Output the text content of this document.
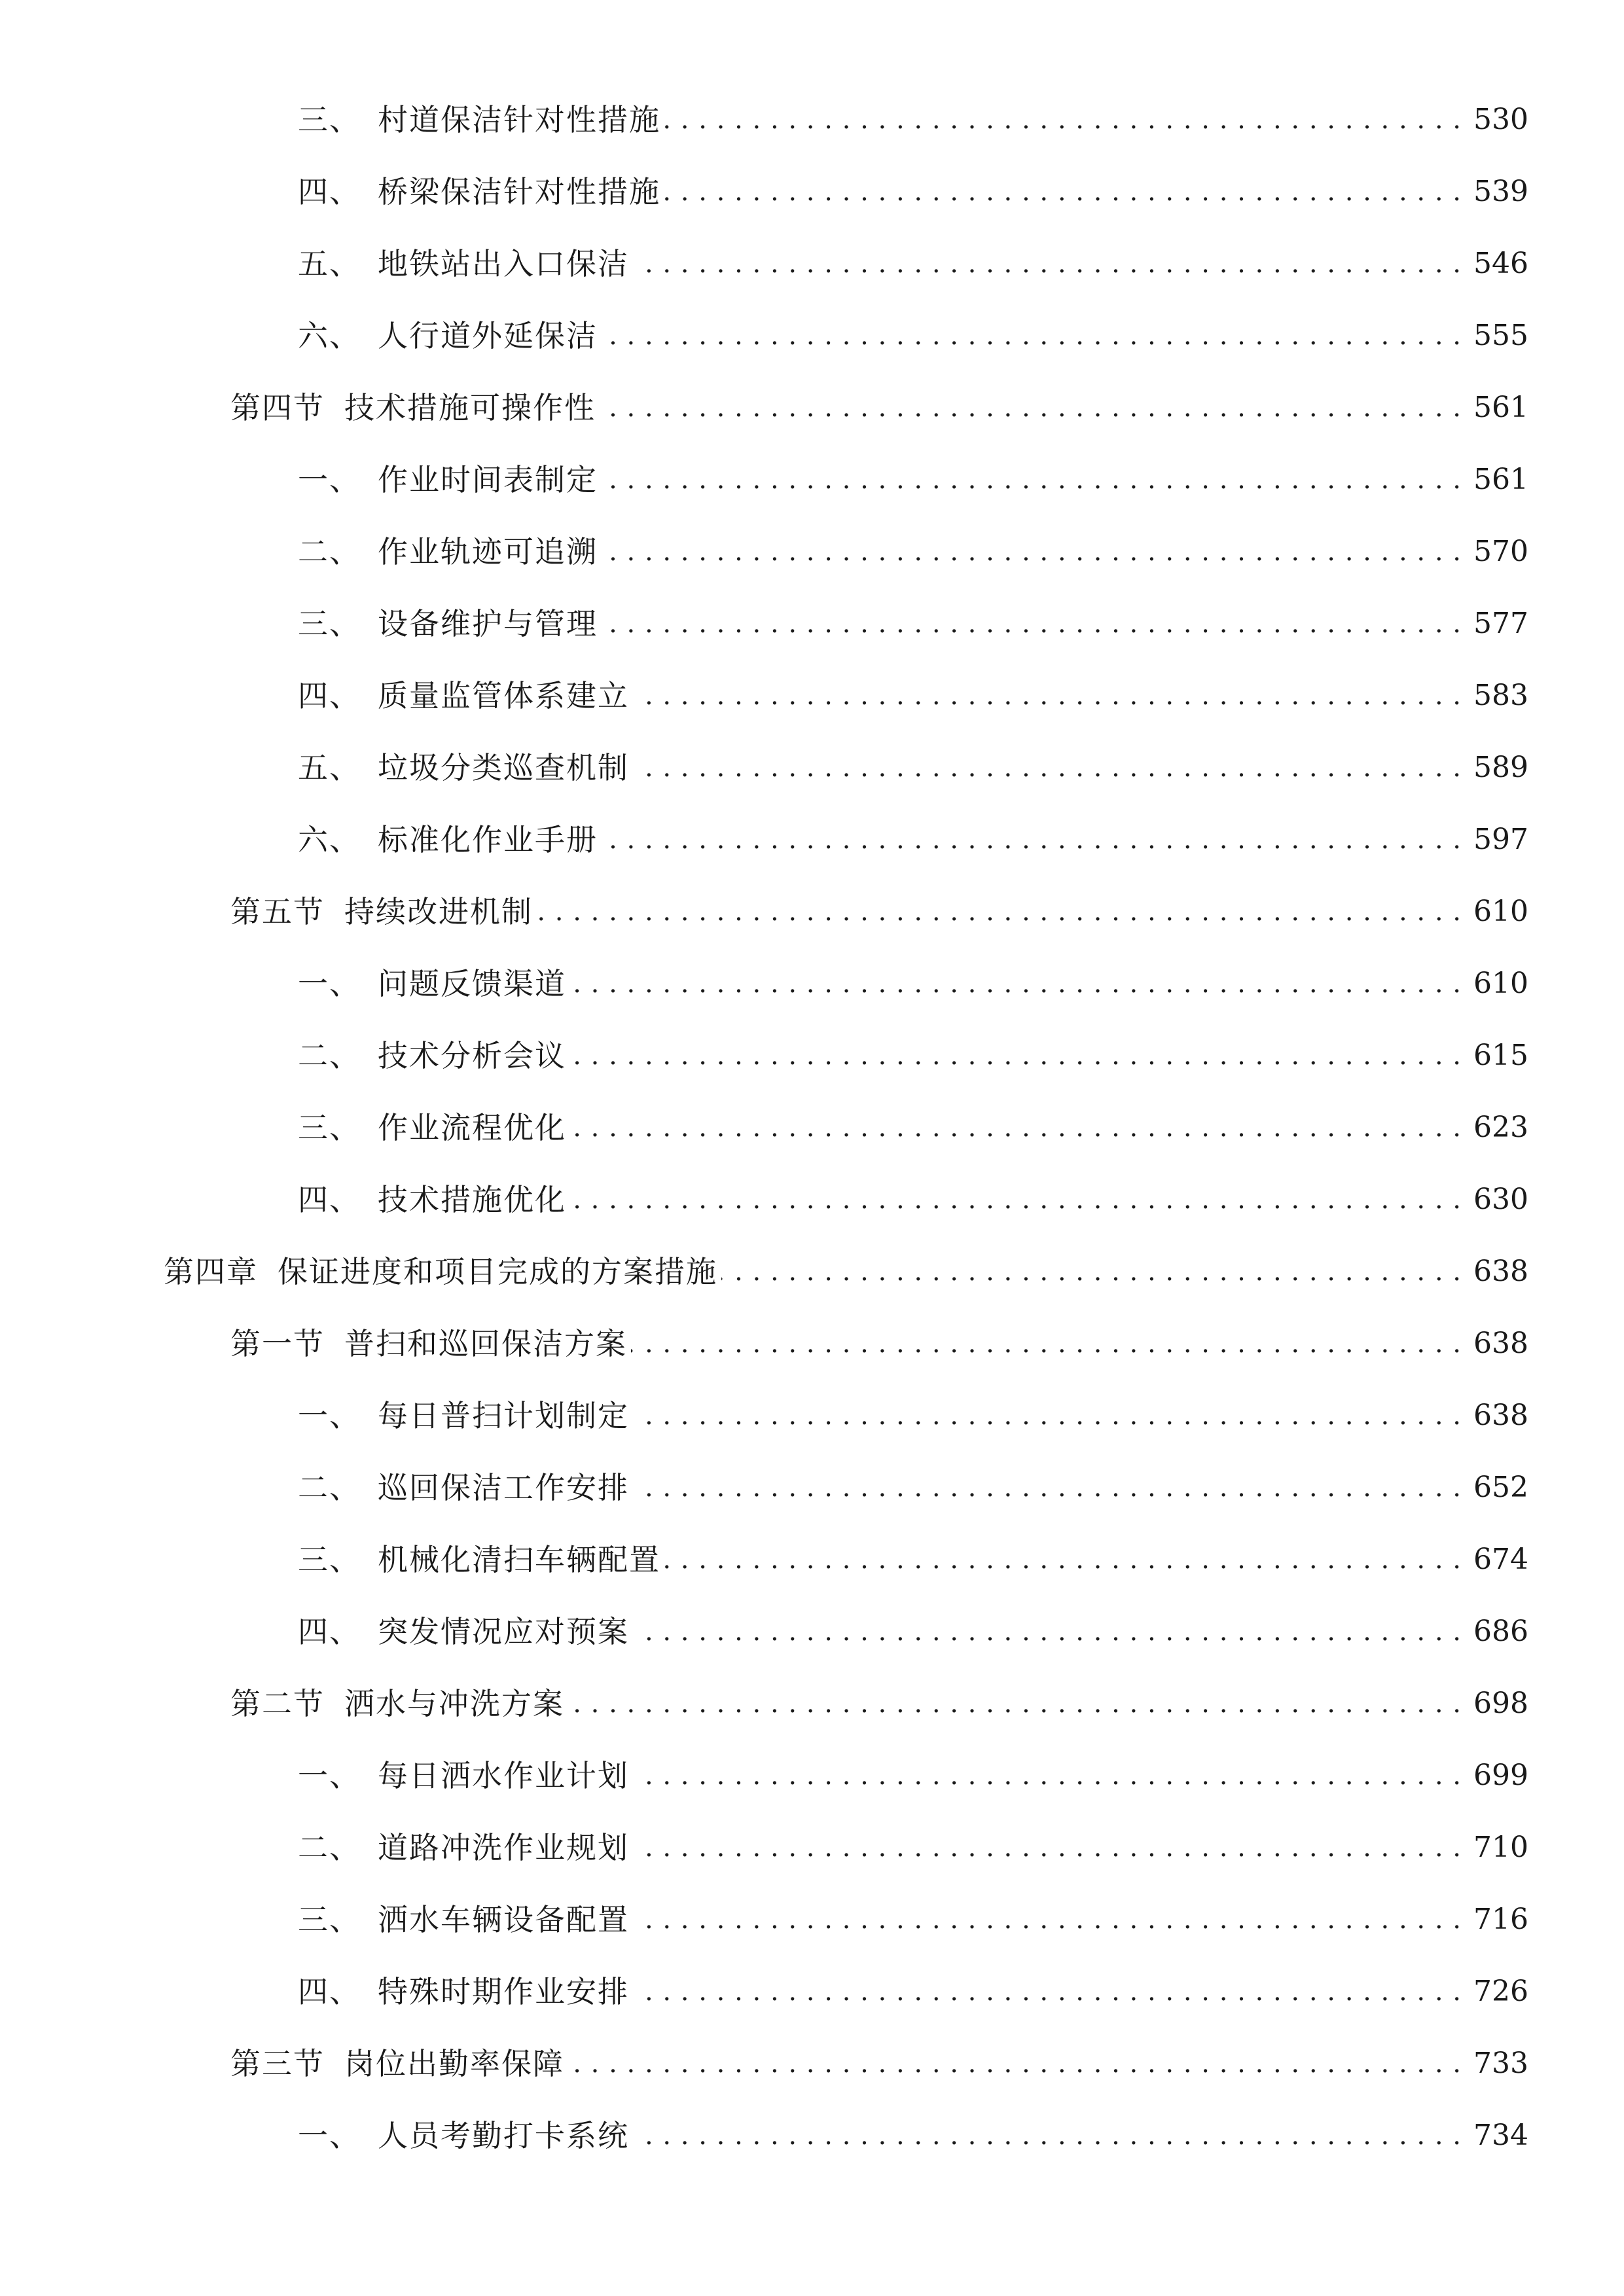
三、 村道保洁针对性措施 . . .	530
四、 桥梁保洁针对性措施 . . .	539
五、 地铁站出入口保洁 . . .	546
六、 人行道外延保洁 . . .	555
第四节 技术措施可操作性 . . .	561
一、 作业时间表制定 . . .	561
二、 作业轨迹可追溯 . . .	570
三、 设备维护与管理 . . .	577
四、 质量监管体系建立 . . .	583
五、 垃圾分类巡查机制 . . .	589
六、 标准化作业手册 . . .	597
第五节 持续改进机制 . . .	610
一、 问题反馈渠道 . . .	610
二、 技术分析会议 . . .	615
三、 作业流程优化 . . .	623
四、 技术措施优化 . . .	630
第四章 保证进度和项目完成的方案措施 . . .	638
第一节 普扫和巡回保洁方案 . . .	638
一、 每日普扫计划制定 . . .	638
二、 巡回保洁工作安排 . . .	652
三、 机械化清扫车辆配置 . . .	674
四、 突发情况应对预案 . . .	686
第二节 洒水与冲洗方案 . . .	698
一、 每日洒水作业计划 . . .	699
二、 道路冲洗作业规划 . . .	710
三、 洒水车辆设备配置 . . .	716
四、 特殊时期作业安排 . . .	726
第三节 岗位出勤率保障 . . .	733
一、 人员考勤打卡系统 . . .	734
